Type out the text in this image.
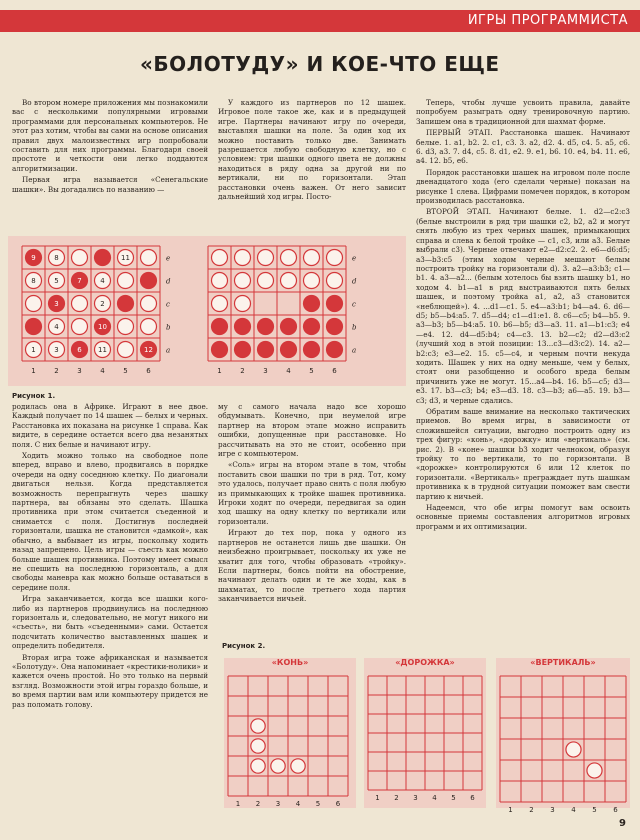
ИГРЫ ПРОГРАММИСТА
«БОЛОТУДУ» И КОЕ-ЧТО ЕЩЕ

Во втором номере приложения мы познакомили вас с несколькими популярными игровыми программами для персональных компьютеров. Не этот раз хотим, чтобы вы сами на основе описания правил двух малоизвестных игр попробовали составить для них программы. Благодаря своей простоте и четкости они легко поддаются алгоритмизации.

Первая игра называется «Сенегальские шашки». Вы догадались по названию —

У каждого из партнеров по 12 шашек. Игровое поле такое же, как и в предыдущей игре. Партнеры начинают игру по очереди, выставляя шашки на поле. За один ход их можно поставить только две. Занимать разрешается любую свободную клетку, но с условием: три шашки одного цвета не должны находиться в ряду одна за другой ни по вертикали, ни по горизонтали. Этап расстановки очень важен. От него зависит дальнейший ход игры. Посто-

Теперь, чтобы лучше усвоить правила, давайте попробуем разыграть одну тренировочную партию. Запишем она в традиционной для шахмат форме.

ПЕРВЫЙ ЭТАП. Расстановка шашек. Начинают белые. 1. а1, b2. 2. с1, с3. 3. а2, d2. 4. d5, с4. 5. а5, с6. 6. d3, а3. 7. d4, с5. 8. d1, е2. 9. е1, b6. 10. е4, b4. 11. е6, а4. 12. b5, е6.

Порядок расстановки шашек на игровом поле после двенадцатого хода (его сделали черные) показан на рисунке 1 слева. Цифрами помечен порядок, в котором производилась расстановка.

ВТОРОЙ ЭТАП. Начинают белые. 1. d2—с2:с3 (белые выстроили в ряд три шашки с2, b2, а2 и могут снять любую из трех черных шашек, примыкающих справа и слева к белой тройке — с1, с3, или а3. Белые выбрали с3). Черные отвечают е2—d2:с2. 2. е6—d6:d5; а3—b3:с5 (этим ходом черные мешают белым построить тройку на горизонтали d). 3. а2—а3:b3; с1—b1. 4. а3—а2... (белым хотелось бы взять шашку b1, но ходом 4. b1—а1 в ряд выстраиваются пять белых шашек, и поэтому тройка а1, а2, а3 становится «неблющей»). 4. ...d1—с1. 5. е4—а3:b1; b4—а4. 6. d6—d5; b5—b4:а5. 7. d5—d4; с1—d1:е1. 8. с6—с5; b4—b5. 9. а3—b3; b5—b4:а5. 10. b6—b5; d3—а3. 11. а1—b1:с3; е4—е4. 12. d4—d5:b4; с4—с3. 13. b2—с2; d2—d3:с2 (лучший ход в этой позиции: 13...с3—d3:с2). 14. а2—b2:с3; е3—е2. 15. с5—с4, и черным почти некуда ходить. Шашек у них на одну меньше, чем у белых, стоят они разобщенно и особого вреда белым причинить уже не могут. 15...а4—b4. 16. b5—с5; d3—е3. 17. b3—с3; b4; е3—d3. 18. с3—b3; а6—а5. 19. b3—с3; d3, и черные сдались.

Обратим ваше внимание на несколько тактических приемов. Во время игры, в зависимости от сложившейся ситуации, выгодно построить одну из трех фигур: «конь», «дорожку» или «вертикаль» (см. рис. 2). В «коне» шашки b3 ходит челноком, образуя тройку то по вертикали, то по горизонтали. В «дорожке» контролируются 6 или 12 клеток по горизонтали. «Вертикаль» преграждает путь шашкам противника к в трудной ситуации поможет вам свести партию к ничьей.

Надеемся, что обе игры помогут вам освоить основные приемы составления алгоритмов игровых программ и их оптимизации.

9	8	11
8	5	7	4
3	2
4	10
1	3	6 11	12
е
d
с
b
а
1	2	3	4	5	6
е
d
с
b
а
1	2	3	4	5	6
Рисунок 1.

родилась она в Африке. Играют в нее двое. Каждый получает по 14 шашек — белых и черных. Расстановка их показана на рисунке 1 справа. Как видите, в середине остается всего два незанятых поля. С них белые и начинают игру.

Ходить можно только на свободное поле вперед, вправо и влево, продвигаясь в порядке очереди на одну соседнюю клетку. По диагонали двигаться нельзя. Когда представляется возможность перепрыгнуть через шашку партнера, вы обязаны это сделать. Шашка противника при этом считается съеденной и снимается с поля. Достигнув последней горизонтали, шашка не становится «дамкой», как обычно, а выбывает из игры, поскольку ходить назад запрещено. Цель игры — съесть как можно больше шашек противника. Поэтому имеет смысл не спешить на последнюю горизонталь, а для свободы маневра как можно больше оставаться в середине поля.

Игра заканчивается, когда все шашки кого-либо из партнеров продвинулись на последнюю горизонталь и, следовательно, не могут никого ни «съесть», ни быть «съеденными» сами. Остается подсчитать количество выставленных шашек и определить победителя.

Вторая игра тоже африканская и называется «Болотуду». Она напоминает «крестики-нолики» и кажется очень простой. Но это только на первый взгляд. Возможности этой игры гораздо больше, и во время партии вам или компьютеру придется не раз поломать голову.

му с самого начала надо все хорошо обдумывать. Конечно, при неумелой игре партнер на втором этапе можно исправить ошибки, допущенные при расстановке. Но рассчитывать на это не стоит, особенно при игре с компьютером.

«Соль» игры на втором этапе в том, чтобы поставить свои шашки по три в ряд. Тот, кому это удалось, получает право снять с поля любую из примыкающих к тройке шашек противника. Игроки ходят по очереди, передвигая за один ход шашку на одну клетку по вертикали или горизонтали.

Играют до тех пор, пока у одного из партнеров не останется лишь две шашки. Он неизбежно проигрывает, поскольку их уже не хватит для того, чтобы образовать «тройку». Если партнеры, боясь пойти на обострение, начинают делать один и те же ходы, как в шахматах, то после третьего хода партия заканчивается ничьей.

Рисунок 2.
«КОНЬ»
1 2 3 4 5 6
«ДОРОЖКА»
1 2 3 4 5 6
«ВЕРТИКАЛЬ»
1 2 3 4 5 6
9
